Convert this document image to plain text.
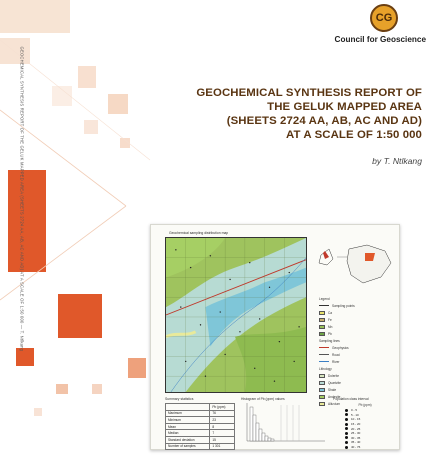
GEOCHEMICAL SYNTHESIS REPORT OF THE GELUK MAPPED AREA (SHEETS 2724 AA, AB, AC AND AD) AT A SCALE OF 1:50 000 — T. Ntlkang
CG
Council for Geoscience
GEOCHEMICAL SYNTHESIS REPORT OF
THE GELUK MAPPED AREA
(SHEETS 2724 AA, AB, AC AND AD)
AT A SCALE OF 1:50 000
by T. Ntlkang
Geochemical sampling distribution map
Legend
Sampling points
Ca
Fe
Mn
Pb
Sampling lines
Geophysics
Road
River
Lithology
Dolerite
Quartzite
Shale
Andesite
Alluvium
Summary statistics
	Pb (ppm)
Maximum	76
Minimum	23
Mean	8
Median	7
Standard deviation	15
Number of samples	1 301
Histogram of Pb (ppm) values	Population class interval
Pb (ppm)
0 - 5
5 - 10
10 - 15
15 - 20
20 - 25
25 - 30
30 - 35
35 - 40
40 - 76
